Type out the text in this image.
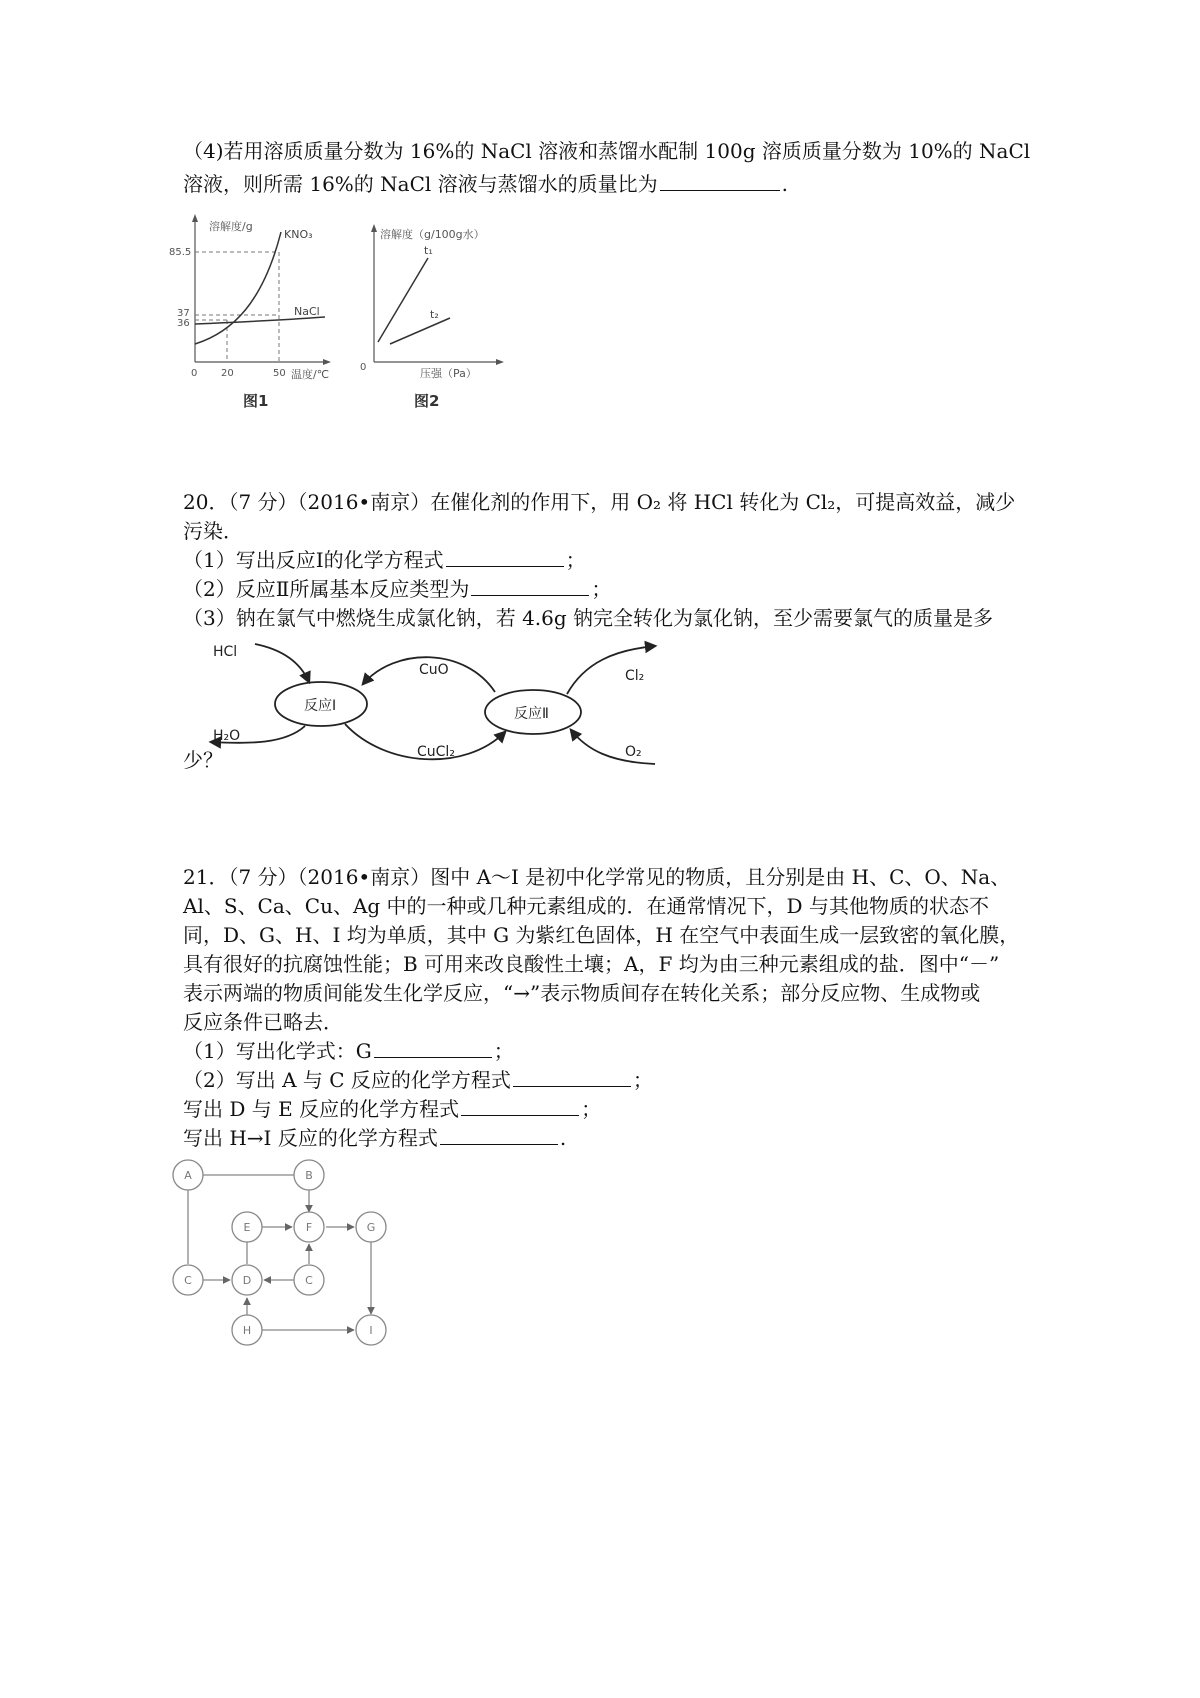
（4)若用溶质质量分数为 16%的 NaCl 溶液和蒸馏水配制 100g 溶质质量分数为 10%的 NaCl
溶液，则所需 16%的 NaCl 溶液与蒸馏水的质量比为	.
溶解度/g
KNO₃
NaCl
85.5
37
36
0 20	50 温度/℃
图1
溶解度（g/100g水）
t₁
t₂
0	压强（Pa）
图2
20．（7 分）（2016•南京）在催化剂的作用下，用 O₂ 将 HCl 转化为 Cl₂，可提高效益，减少
污染．
（1）写出反应Ⅰ的化学方程式	；
（2）反应Ⅱ所属基本反应类型为	；
（3）钠在氯气中燃烧生成氯化钠，若 4.6g 钠完全转化为氯化钠，至少需要氯气的质量是多
反应Ⅰ	反应Ⅱ
HCl
H₂O
CuO
CuCl₂
Cl₂
O₂
少？
21．（7 分）（2016•南京）图中 A～I 是初中化学常见的物质，且分别是由 H、C、O、Na、
Al、S、Ca、Cu、Ag 中的一种或几种元素组成的．在通常情况下，D 与其他物质的状态不
同，D、G、H、I 均为单质，其中 G 为紫红色固体，H 在空气中表面生成一层致密的氧化膜，
具有很好的抗腐蚀性能；B 可用来改良酸性土壤；A，F 均为由三种元素组成的盐．图中“－”
表示两端的物质间能发生化学反应，“→”表示物质间存在转化关系；部分反应物、生成物或
反应条件已略去．
（1）写出化学式：G	；
（2）写出 A 与 C 反应的化学方程式	；
写出 D 与 E 反应的化学方程式	；
写出 H→I 反应的化学方程式	.
A	B
E	F	G
C	D	C
H	I
